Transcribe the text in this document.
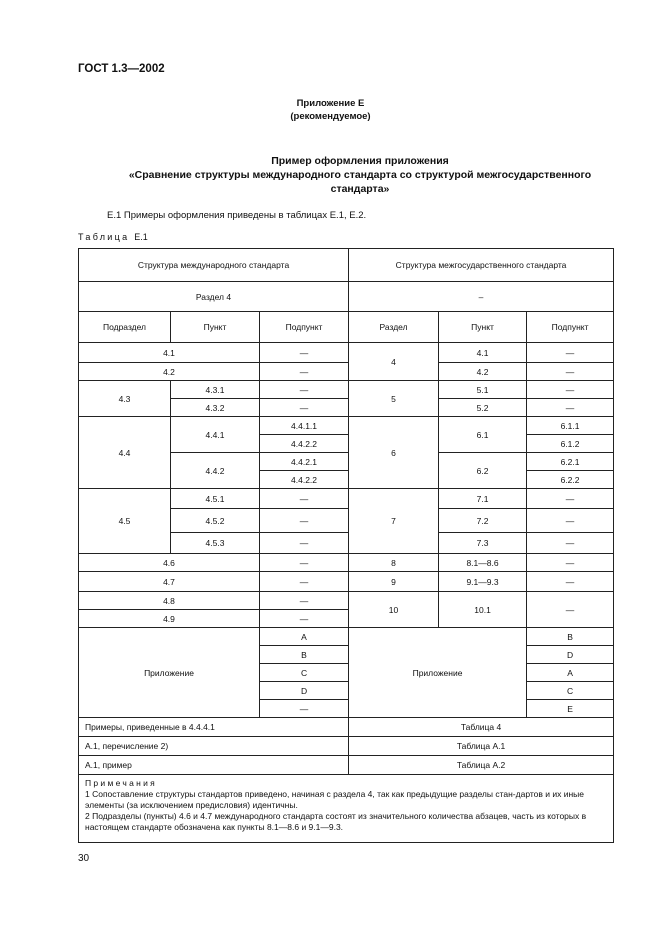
ГОСТ 1.3—2002
Приложение Е
(рекомендуемое)
Пример оформления приложения
«Сравнение структуры международного стандарта со структурой межгосударственного
стандарта»
Е.1 Примеры оформления приведены в таблицах Е.1, Е.2.
Таблица Е.1
Структура международного стандарта			Структура межгосударственного стандарта		
Раздел 4			–		
Подраздел	Пункт	Подпункт	Раздел	Пункт	Подпункт
4.1		—	4	4.1	—
4.2		—		4.2	—
4.3	4.3.1	—	5	5.1	—
	4.3.2	—		5.2	—
4.4	4.4.1	4.4.1.1	6	6.1	6.1.1
		4.4.2.2			6.1.2
	4.4.2	4.4.2.1		6.2	6.2.1
		4.4.2.2			6.2.2
4.5	4.5.1	—	7	7.1	—
	4.5.2	—		7.2	—
	4.5.3	—		7.3	—
4.6		—	8	8.1—8.6	—
4.7		—	9	9.1—9.3	—
4.8		—	10	10.1	—
4.9		—			
Приложение		А	Приложение		В
		В			D
		С			А
		D			С
		—			Е
Примеры, приведенные в 4.4.4.1			Таблица 4		
А.1, перечисление 2)			Таблица А.1		
А.1, пример			Таблица А.2		

Примечания
1 Сопоставление структуры стандартов приведено, начиная с раздела 4, так как предыдущие разделы стан-дартов и их иные элементы (за исключением предисловия) идентичны.
2 Подразделы (пункты) 4.6 и 4.7 международного стандарта состоят из значительного количества абзацев, часть из которых в настоящем стандарте обозначена как пункты 8.1—8.6 и 9.1—9.3.					
30
